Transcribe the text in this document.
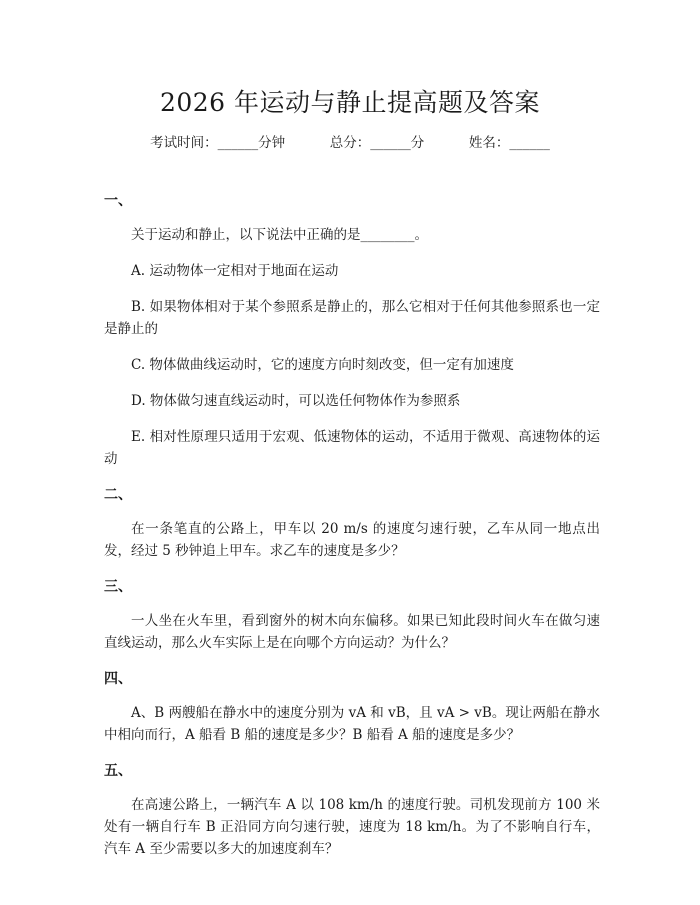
2026 年运动与静止提高题及答案
考试时间：______分钟	总分：______分	姓名：______
一、
关于运动和静止，以下说法中正确的是________。
A. 运动物体一定相对于地面在运动
B. 如果物体相对于某个参照系是静止的，那么它相对于任何其他参照系也一定是静止的
C. 物体做曲线运动时，它的速度方向时刻改变，但一定有加速度
D. 物体做匀速直线运动时，可以选任何物体作为参照系
E. 相对性原理只适用于宏观、低速物体的运动，不适用于微观、高速物体的运动
二、
在一条笔直的公路上，甲车以 20 m/s 的速度匀速行驶，乙车从同一地点出发，经过 5 秒钟追上甲车。求乙车的速度是多少？
三、
一人坐在火车里，看到窗外的树木向东偏移。如果已知此段时间火车在做匀速直线运动，那么火车实际上是在向哪个方向运动？为什么？
四、
A、B 两艘船在静水中的速度分别为 vA 和 vB，且 vA > vB。现让两船在静水中相向而行，A 船看 B 船的速度是多少？B 船看 A 船的速度是多少？
五、
在高速公路上，一辆汽车 A 以 108 km/h 的速度行驶。司机发现前方 100 米处有一辆自行车 B 正沿同方向匀速行驶，速度为 18 km/h。为了不影响自行车，汽车 A 至少需要以多大的加速度刹车？
